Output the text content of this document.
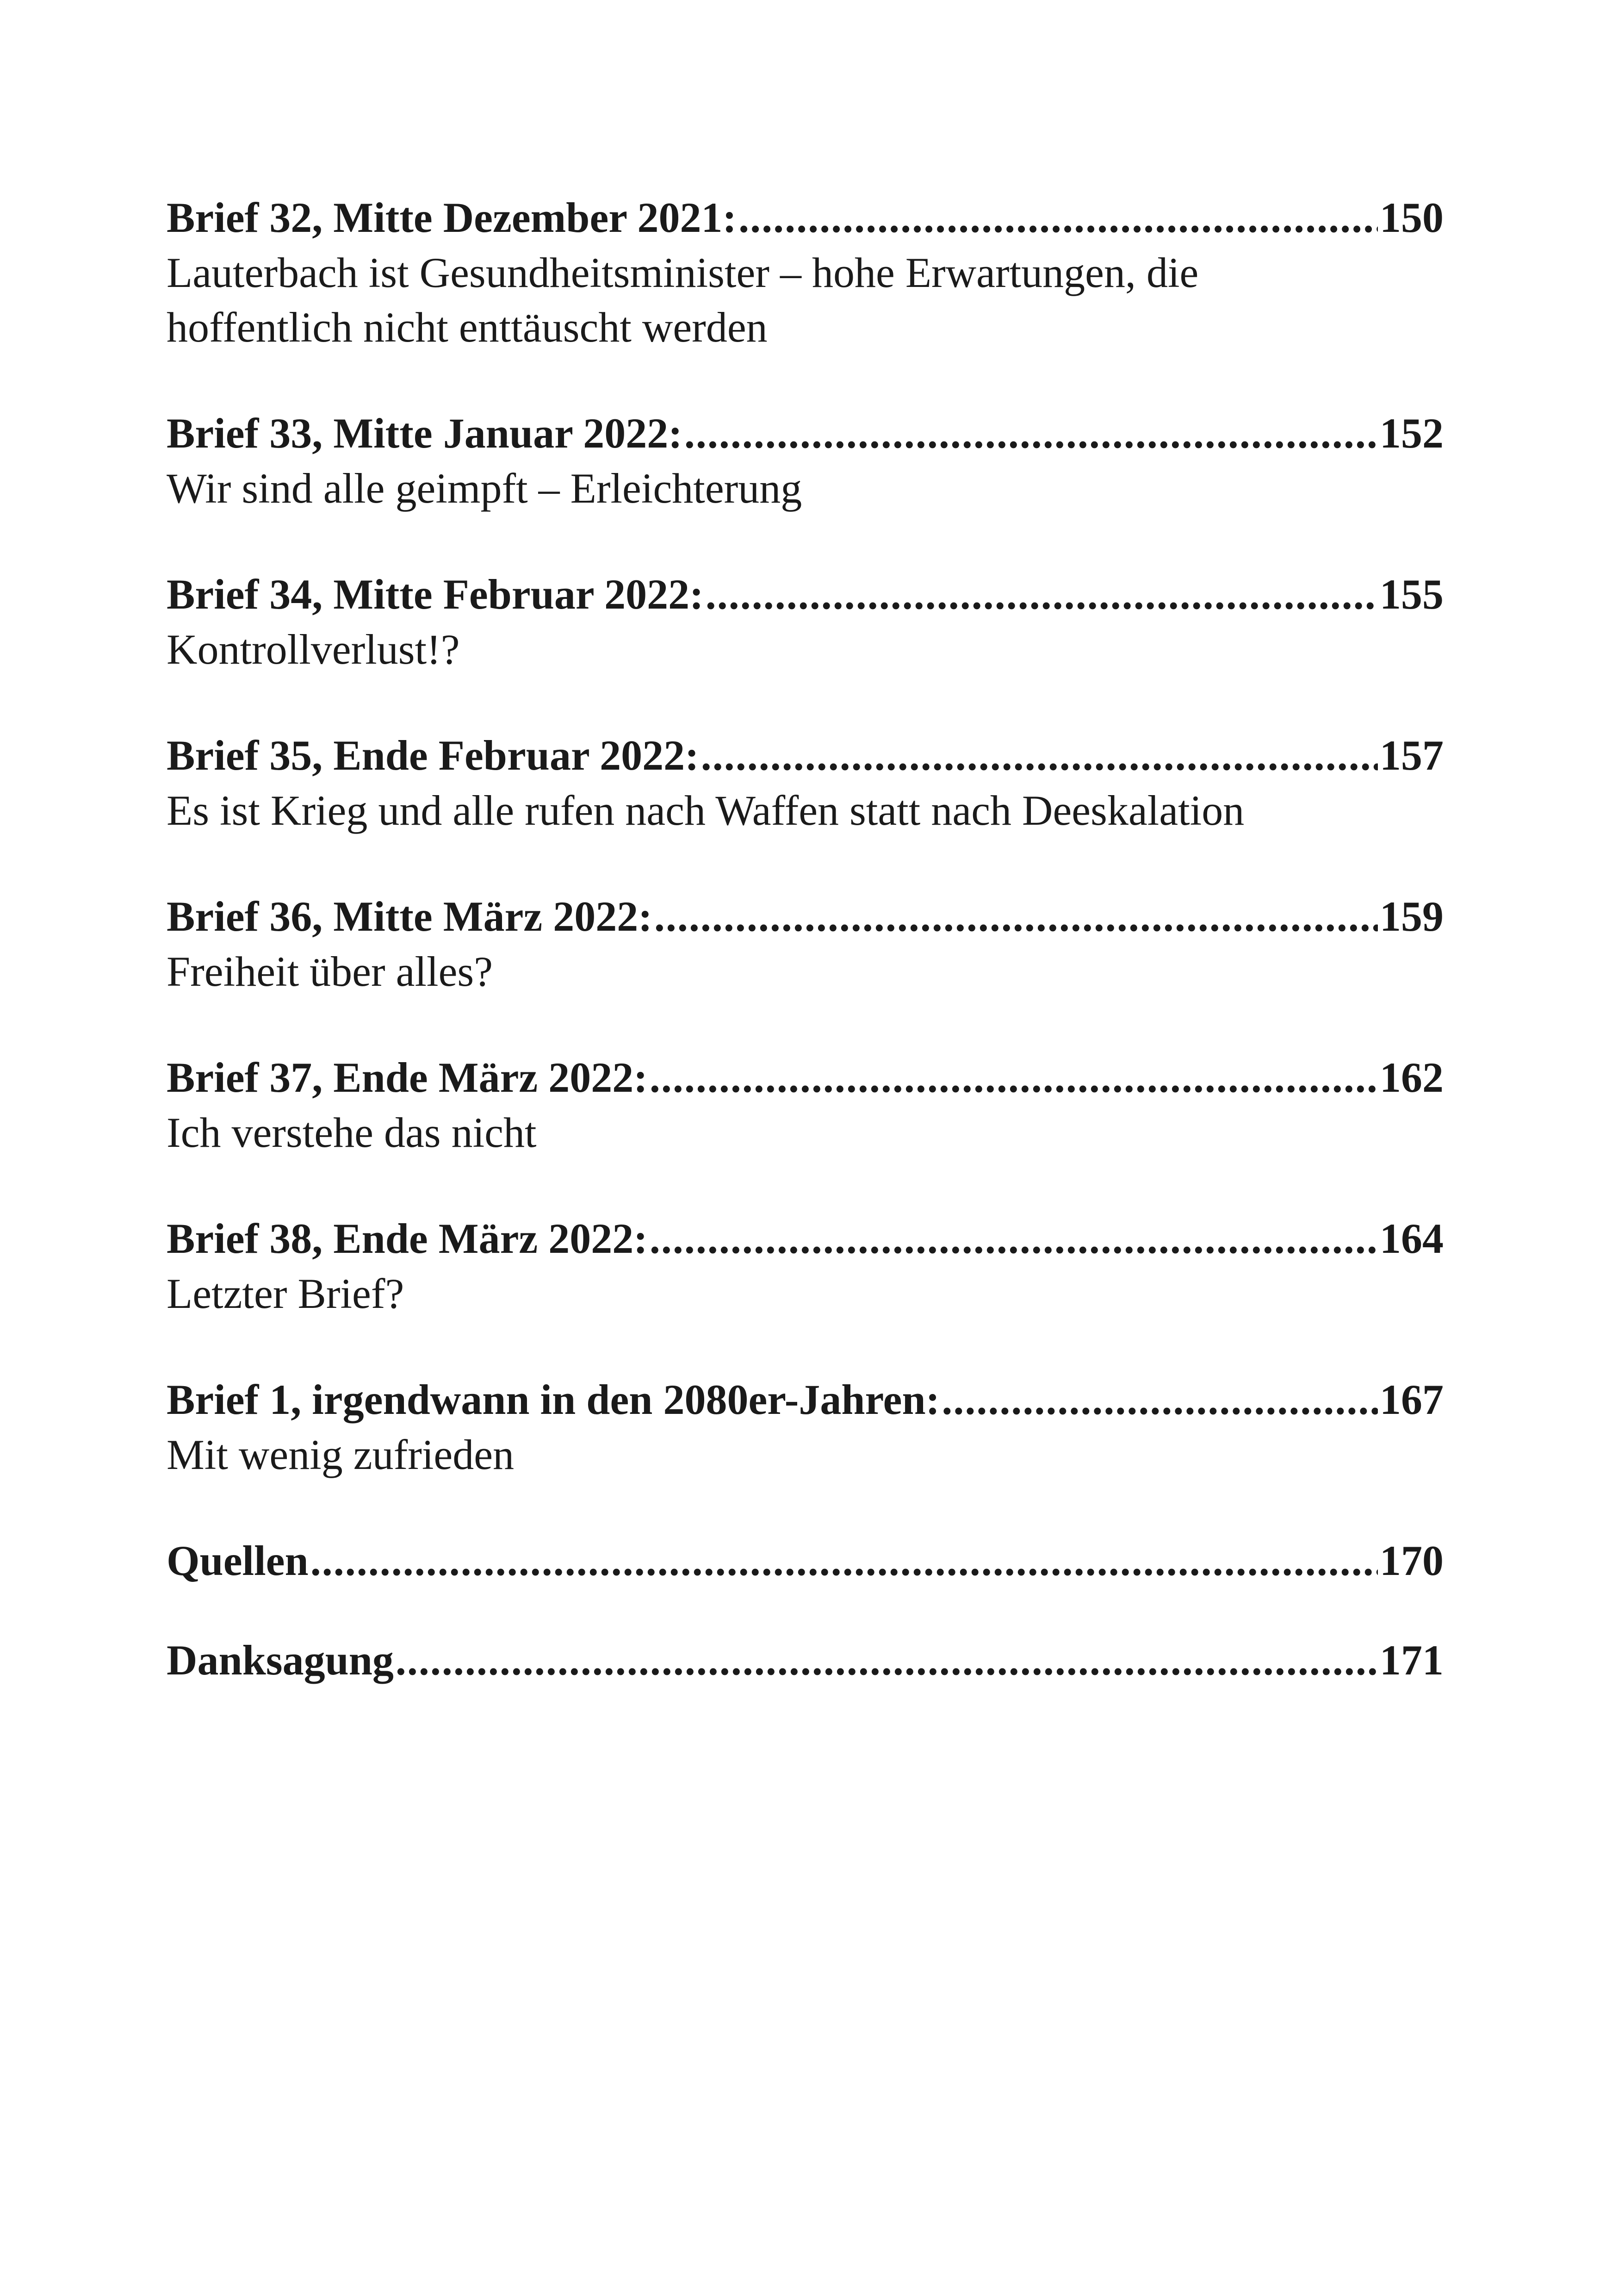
Brief 32, Mitte Dezember 2021: .....	150
Lauterbach ist Gesundheitsminister – hohe Erwartungen, die hoffentlich nicht enttäuscht werden
Brief 33, Mitte Januar 2022: .....	152
Wir sind alle geimpft – Erleichterung
Brief 34, Mitte Februar 2022: .....	155
Kontrollverlust!?
Brief 35, Ende Februar 2022: .....	157
Es ist Krieg und alle rufen nach Waffen statt nach Deeskalation
Brief 36, Mitte März 2022: .....	159
Freiheit über alles?
Brief 37, Ende März 2022: .....	162
Ich verstehe das nicht
Brief 38, Ende März 2022: .....	164
Letzter Brief?
Brief 1, irgendwann in den 2080er-Jahren: .....	167
Mit wenig zufrieden
Quellen .....	170
Danksagung .....	171
